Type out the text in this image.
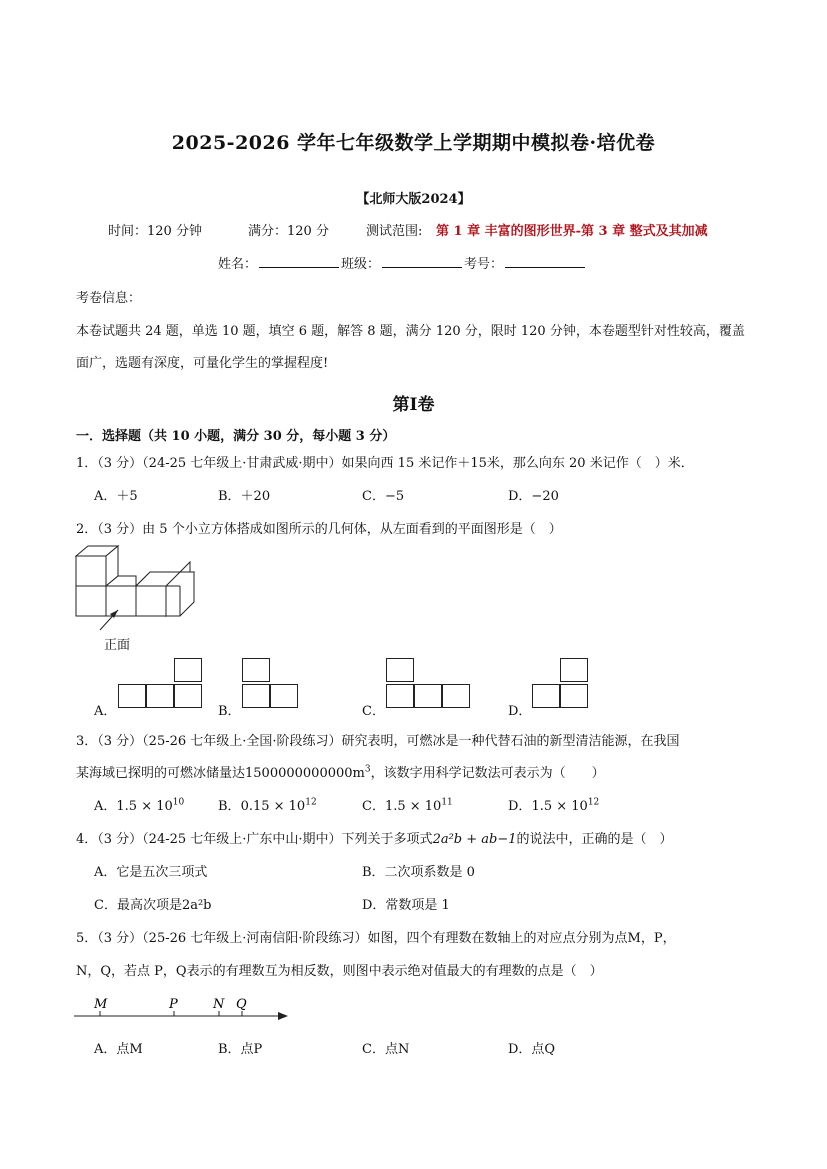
2025-2026 学年七年级数学上学期期中模拟卷·培优卷
【北师大版2024】
时间：120 分钟	满分：120 分	测试范围: 第 1 章 丰富的图形世界-第 3 章 整式及其加减
姓名：	班级：	考号：
考卷信息：
本卷试题共 24 题，单选 10 题，填空 6 题，解答 8 题，满分 120 分，限时 120 分钟，本卷题型针对性较高，覆盖
面广，选题有深度，可量化学生的掌握程度!
第Ⅰ卷
一．选择题（共 10 小题，满分 30 分，每小题 3 分）
1．（3 分）（24-25 七年级上·甘肃武威·期中）如果向西 15 米记作＋15米，那么向东 20 米记作（　）米．
A．＋5	B．＋20	C．−5	D．−20
2．（3 分）由 5 个小立方体搭成如图所示的几何体，从左面看到的平面图形是（　）
正面
A．	B．	C．	D．
3．（3 分）（25-26 七年级上·全国·阶段练习）研究表明，可燃冰是一种代替石油的新型清洁能源，在我国
某海域已探明的可燃冰储量达$1500000000000m^3$，该数字用科学记数法可表示为（　　）
A．$1.5 \times 10^{10}$	B．$0.15 \times 10^{12}$	C．$1.5 \times 10^{11}$	D．$1.5 \times 10^{12}$
4．（3 分）（24-25 七年级上·广东中山·期中）下列关于多项式2a²b + ab−1的说法中，正确的是（　）
A．它是五次三项式	B．二次项系数是 0
C．最高次项是2a²b	D．常数项是 1
5．（3 分）（25-26 七年级上·河南信阳·阶段练习）如图，四个有理数在数轴上的对应点分别为点M，P，
N，Q，若点 P，Q表示的有理数互为相反数，则图中表示绝对值最大的有理数的点是（　）
M	P	N Q
A．点M	B．点P	C．点N	D．点Q
